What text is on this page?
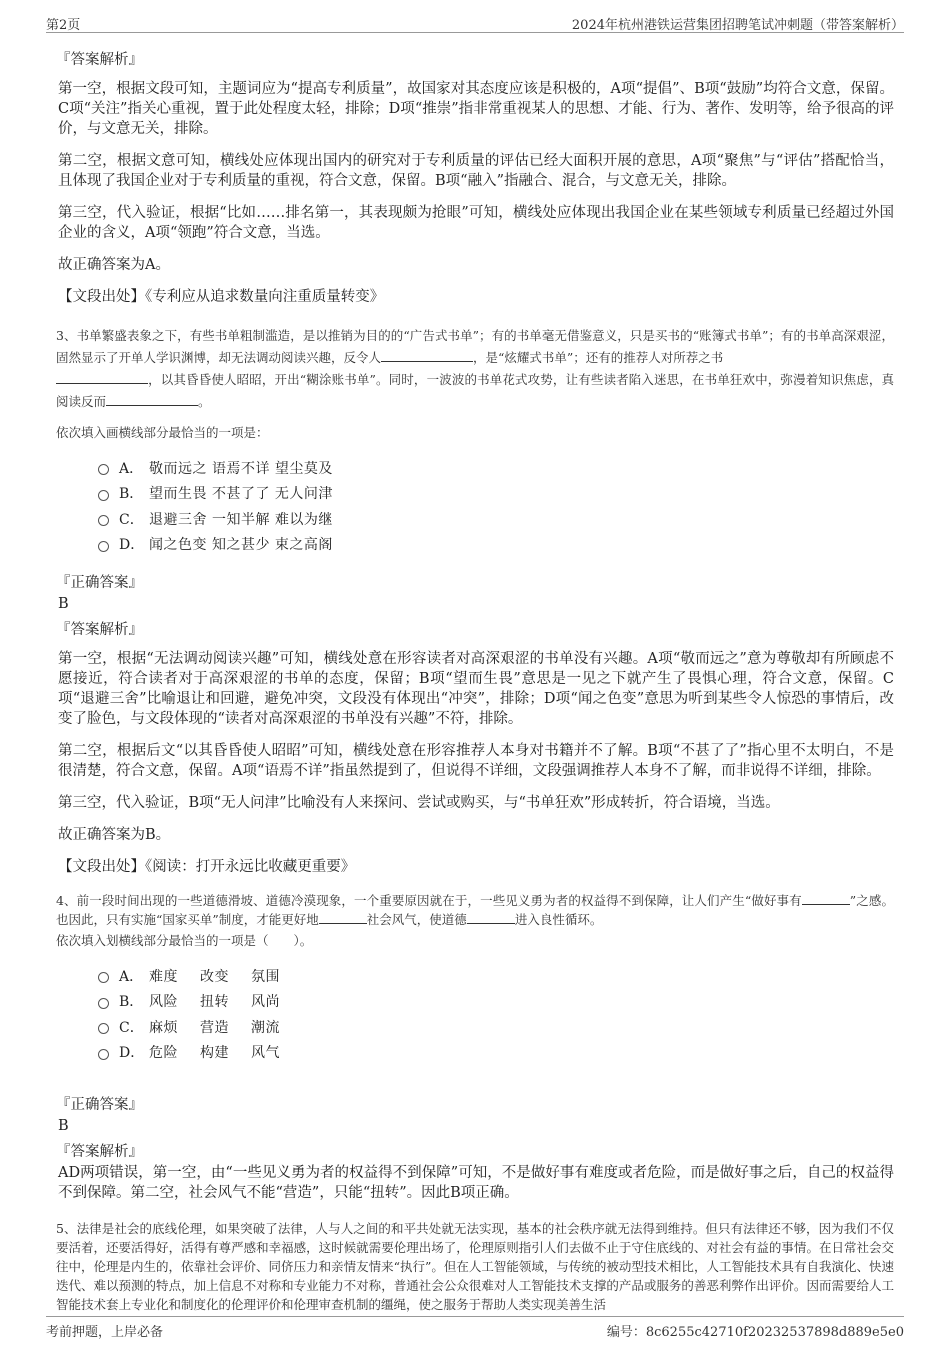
第2页	2024年杭州港铁运营集团招聘笔试冲刺题（带答案解析）
『答案解析』

第一空，根据文段可知，主题词应为“提高专利质量”，故国家对其态度应该是积极的，A项“提倡”、B项“鼓励”均符合文意，保留。C项“关注”指关心重视，置于此处程度太轻，排除；D项“推崇”指非常重视某人的思想、才能、行为、著作、发明等，给予很高的评价，与文意无关，排除。

第二空，根据文意可知，横线处应体现出国内的研究对于专利质量的评估已经大面积开展的意思，A项“聚焦”与“评估”搭配恰当，且体现了我国企业对于专利质量的重视，符合文意，保留。B项“融入”指融合、混合，与文意无关，排除。

第三空，代入验证，根据“比如……排名第一，其表现颇为抢眼”可知，横线处应体现出我国企业在某些领域专利质量已经超过外国企业的含义，A项“领跑”符合文意，当选。

故正确答案为A。

【文段出处】《专利应从追求数量向注重质量转变》

3、书单繁盛表象之下，有些书单粗制滥造，是以推销为目的的“广告式书单”；有的书单毫无借鉴意义，只是买书的“账簿式书单”；有的书单高深艰涩，固然显示了开单人学识渊博，却无法调动阅读兴趣，反令人	，是“炫耀式书单”；还有的推荐人对所荐之书
，以其昏昏使人昭昭，开出“糊涂账书单”。同时，一波波的书单花式攻势，让有些读者陷入迷思，在书单狂欢中，弥漫着知识焦虑，真阅读反而	。
依次填入画横线部分最恰当的一项是：
A． 敬而远之 语焉不详 望尘莫及
B． 望而生畏 不甚了了 无人问津
C． 退避三舍 一知半解 难以为继
D． 闻之色变 知之甚少 束之高阁
『正确答案』
B
『答案解析』

第一空，根据“无法调动阅读兴趣”可知，横线处意在形容读者对高深艰涩的书单没有兴趣。A项“敬而远之”意为尊敬却有所顾虑不愿接近，符合读者对于高深艰涩的书单的态度，保留；B项“望而生畏”意思是一见之下就产生了畏惧心理，符合文意，保留。C项“退避三舍”比喻退让和回避，避免冲突，文段没有体现出“冲突”，排除；D项“闻之色变”意思为听到某些令人惊恐的事情后，改变了脸色，与文段体现的“读者对高深艰涩的书单没有兴趣”不符，排除。

第二空，根据后文“以其昏昏使人昭昭”可知，横线处意在形容推荐人本身对书籍并不了解。B项“不甚了了”指心里不太明白，不是很清楚，符合文意，保留。A项“语焉不详”指虽然提到了，但说得不详细，文段强调推荐人本身不了解，而非说得不详细，排除。

第三空，代入验证，B项“无人问津”比喻没有人来探问、尝试或购买，与“书单狂欢”形成转折，符合语境，当选。

故正确答案为B。

【文段出处】《阅读：打开永远比收藏更重要》

4、前一段时间出现的一些道德滑坡、道德冷漠现象，一个重要原因就在于，一些见义勇为者的权益得不到保障，让人们产生“做好事有	”之感。也因此，只有实施“国家买单”制度，才能更好地	社会风气，使道德	进入良性循环。
依次填入划横线部分最恰当的一项是（　　）。
A． 难度 改变 氛围
B． 风险 扭转 风尚
C． 麻烦 营造 潮流
D． 危险 构建 风气
『正确答案』
B
『答案解析』

AD两项错误，第一空，由“一些见义勇为者的权益得不到保障”可知，不是做好事有难度或者危险，而是做好事之后，自己的权益得不到保障。第二空，社会风气不能“营造”，只能“扭转”。因此B项正确。

5、法律是社会的底线伦理，如果突破了法律，人与人之间的和平共处就无法实现，基本的社会秩序就无法得到维持。但只有法律还不够，因为我们不仅要活着，还要活得好，活得有尊严感和幸福感，这时候就需要伦理出场了，伦理原则指引人们去做不止于守住底线的、对社会有益的事情。在日常社会交往中，伦理是内生的，依靠社会评价、同侪压力和亲情友情来“执行”。但在人工智能领域，与传统的被动型技术相比，人工智能技术具有自我演化、快速迭代、难以预测的特点，加上信息不对称和专业能力不对称，普通社会公众很难对人工智能技术支撑的产品或服务的善恶利弊作出评价。因而需要给人工智能技术套上专业化和制度化的伦理评价和伦理审查机制的缰绳，使之服务于帮助人类实现美善生活
考前押题，上岸必备	编号：8c6255c42710f20232537898d889e5e0
